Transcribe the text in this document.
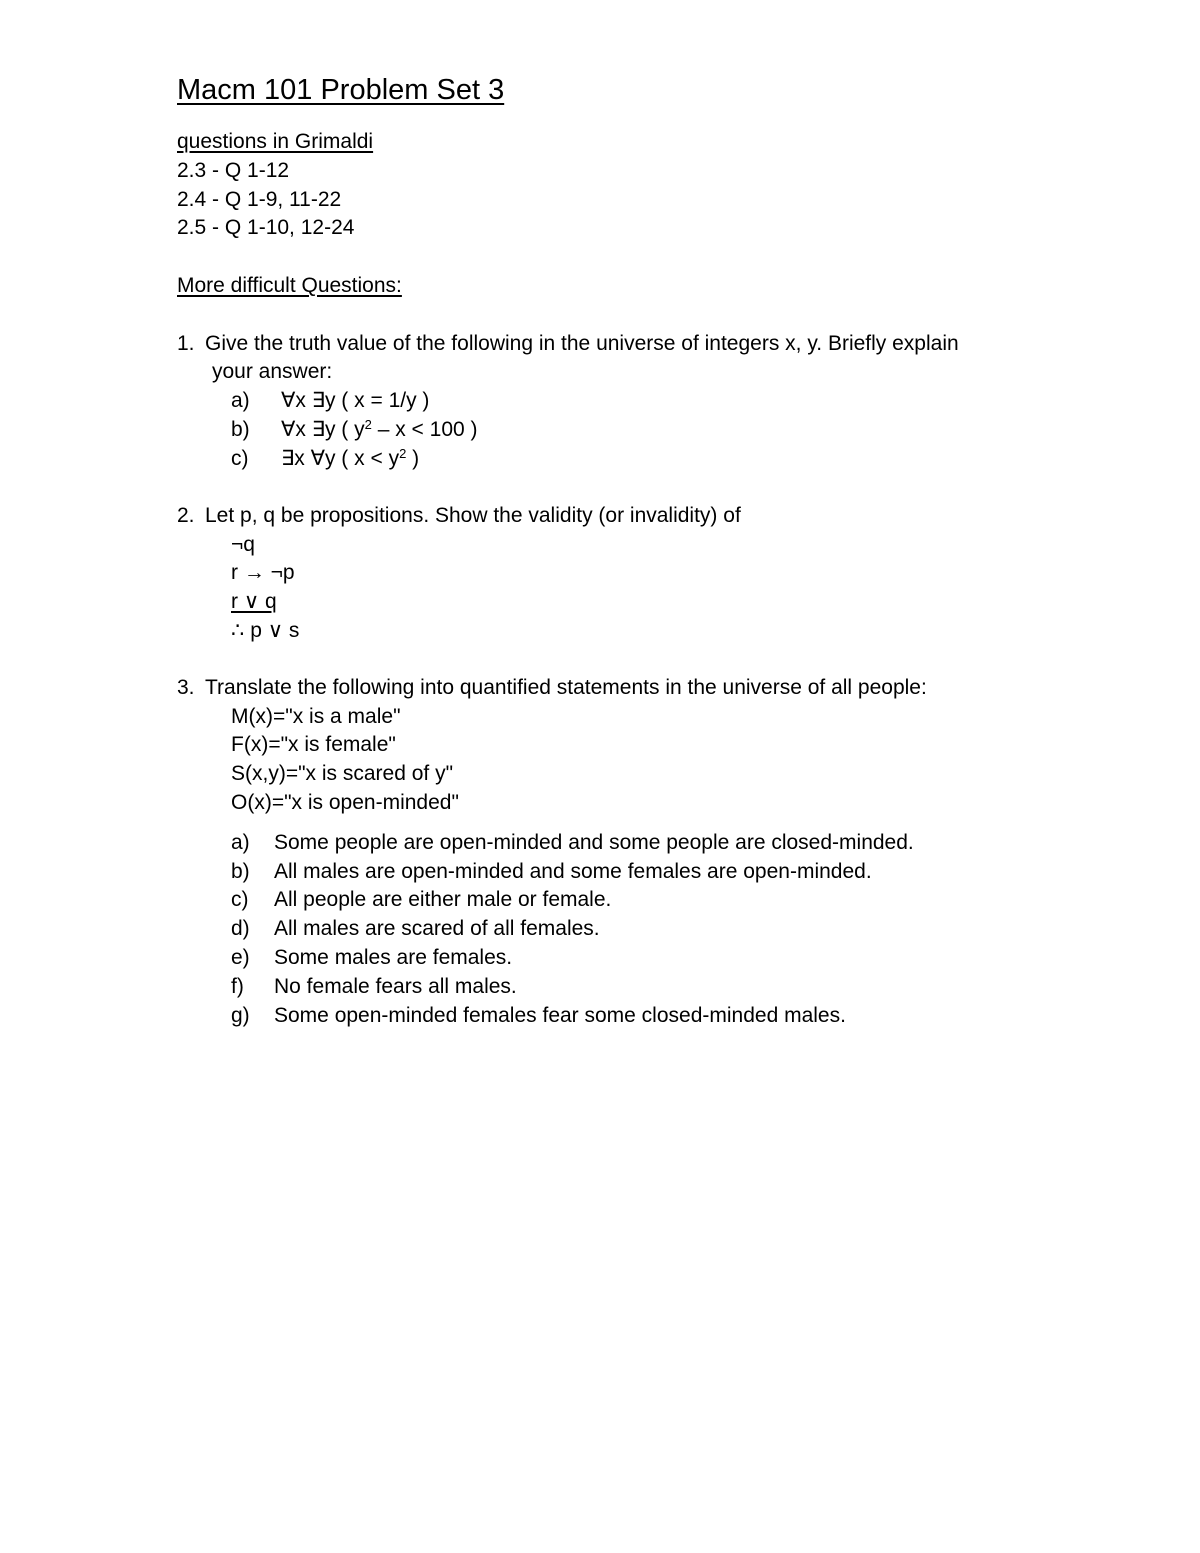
Macm 101 Problem Set 3
questions in Grimaldi
2.3 - Q 1-12
2.4 - Q 1-9, 11-22
2.5 - Q 1-10, 12-24
More difficult Questions:
1. Give the truth value of the following in the universe of integers x, y. Briefly explain
your answer:
a) ∀x ∃y ( x = 1/y )
b) ∀x ∃y ( $y^2 - x < 100$ )
c) ∃x ∀y ( $x < y^2$ )
2. Let p, q be propositions. Show the validity (or invalidity) of
¬q
r → ¬p
r ∨ q
∴ p ∨ s
3. Translate the following into quantified statements in the universe of all people:
M(x)="x is a male"
F(x)="x is female"
S(x,y)="x is scared of y"
O(x)="x is open-minded"
a) Some people are open-minded and some people are closed-minded.
b) All males are open-minded and some females are open-minded.
c) All people are either male or female.
d) All males are scared of all females.
e) Some males are females.
f) No female fears all males.
g) Some open-minded females fear some closed-minded males.
